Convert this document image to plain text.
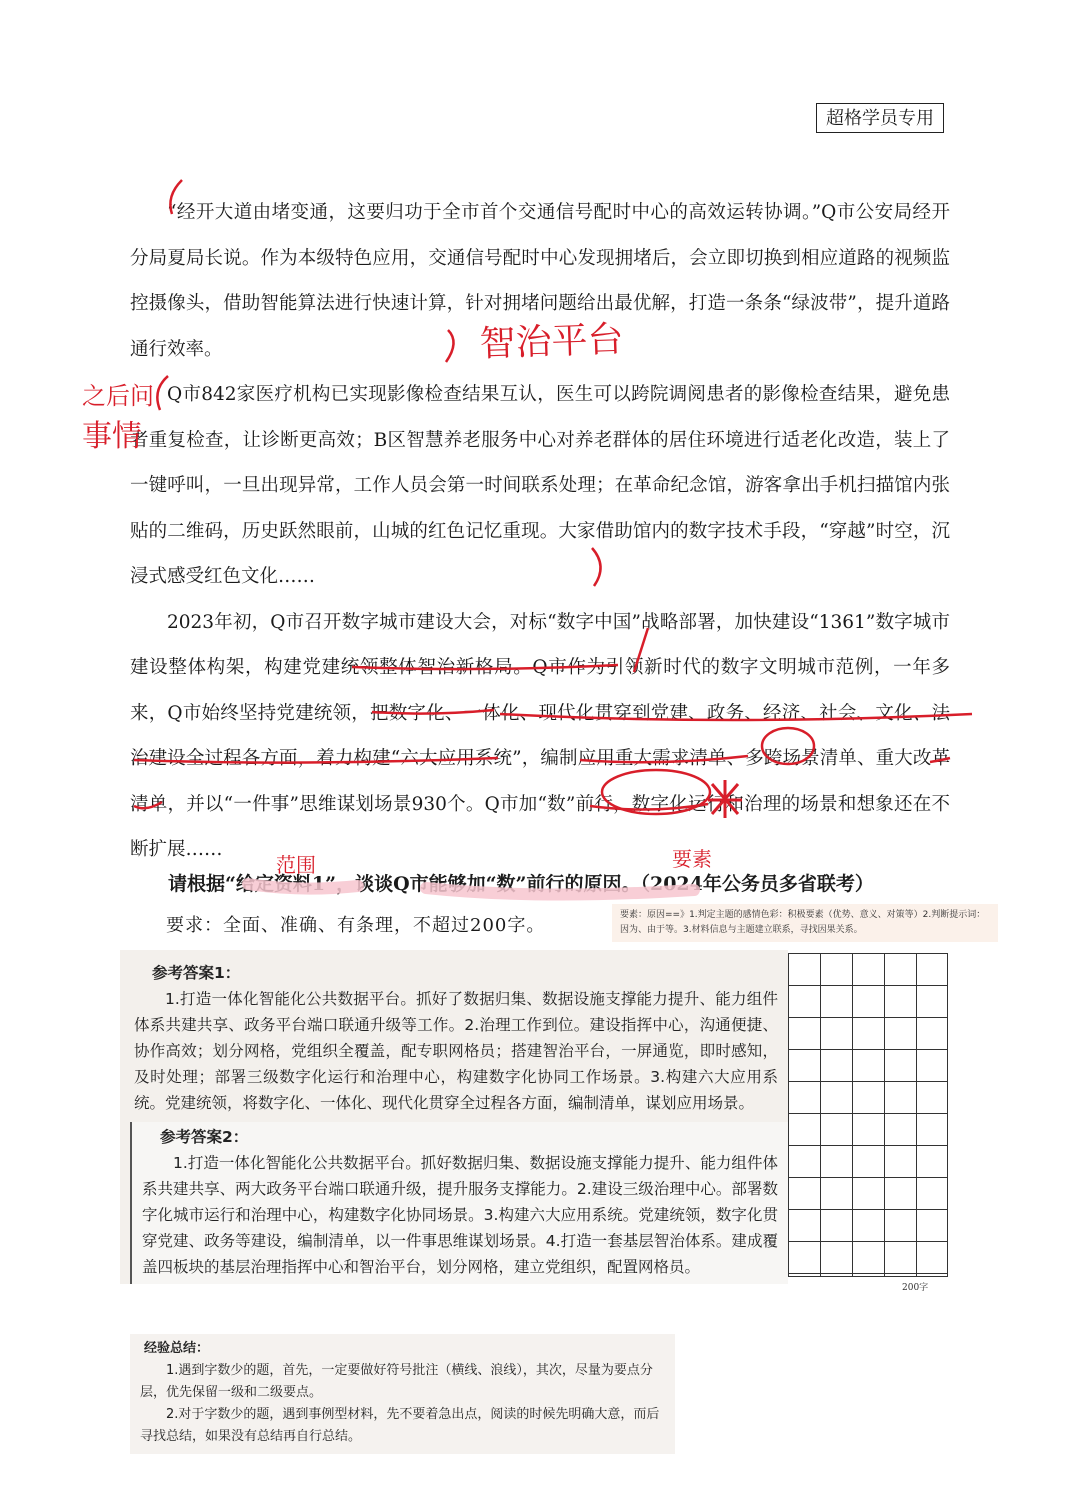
超格学员专用

“经开大道由堵变通，这要归功于全市首个交通信号配时中心的高效运转协调。”Q市公安局经开分局夏局长说。作为本级特色应用，交通信号配时中心发现拥堵后，会立即切换到相应道路的视频监控摄像头，借助智能算法进行快速计算，针对拥堵问题给出最优解，打造一条条“绿波带”，提升道路通行效率。

Q市842家医疗机构已实现影像检查结果互认，医生可以跨院调阅患者的影像检查结果，避免患者重复检查，让诊断更高效；B区智慧养老服务中心对养老群体的居住环境进行适老化改造，装上了一键呼叫，一旦出现异常，工作人员会第一时间联系处理；在革命纪念馆，游客拿出手机扫描馆内张贴的二维码，历史跃然眼前，山城的红色记忆重现。大家借助馆内的数字技术手段，“穿越”时空，沉浸式感受红色文化……

2023年初，Q市召开数字城市建设大会，对标“数字中国”战略部署，加快建设“1361”数字城市建设整体构架，构建党建统领整体智治新格局。Q市作为引领新时代的数字文明城市范例，一年多来，Q市始终坚持党建统领，把数字化、一体化、现代化贯穿到党建、政务、经济、社会、文化、法治建设全过程各方面，着力构建“六大应用系统”，编制应用重大需求清单、多跨场景清单、重大改革清单，并以“一件事”思维谋划场景930个。Q市加“数”前行，数字化运行和治理的场景和想象还在不断扩展……

请根据“给定资料1”，谈谈Q市能够加“数”前行的原因。（2024年公务员多省联考）
要求：全面、准确、有条理，不超过200字。	要素：原因==》1.判定主题的感情色彩：积极要素（优势、意义、对策等）2.判断提示词：因为、由于等。3.材料信息与主题建立联系，寻找因果关系。
200字
参考答案1：

1.打造一体化智能化公共数据平台。抓好了数据归集、数据设施支撑能力提升、能力组件体系共建共享、政务平台端口联通升级等工作。2.治理工作到位。建设指挥中心，沟通便捷、协作高效；划分网格，党组织全覆盖，配专职网格员；搭建智治平台，一屏通览，即时感知，及时处理；部署三级数字化运行和治理中心，构建数字化协同工作场景。3.构建六大应用系统。党建统领，将数字化、一体化、现代化贯穿全过程各方面，编制清单，谋划应用场景。

参考答案2：

1.打造一体化智能化公共数据平台。抓好数据归集、数据设施支撑能力提升、能力组件体系共建共享、两大政务平台端口联通升级，提升服务支撑能力。2.建设三级治理中心。部署数字化城市运行和治理中心，构建数字化协同场景。3.构建六大应用系统。党建统领，数字化贯穿党建、政务等建设，编制清单，以一件事思维谋划场景。4.打造一套基层智治体系。建成覆盖四板块的基层治理指挥中心和智治平台，划分网格，建立党组织，配置网格员。

经验总结：

1.遇到字数少的题，首先，一定要做好符号批注（横线、浪线），其次，尽量为要点分层，优先保留一级和二级要点。

2.对于字数少的题，遇到事例型材料，先不要着急出点，阅读的时候先明确大意，而后寻找总结，如果没有总结再自行总结。

智治平台
之后问
事情
范围	要素
